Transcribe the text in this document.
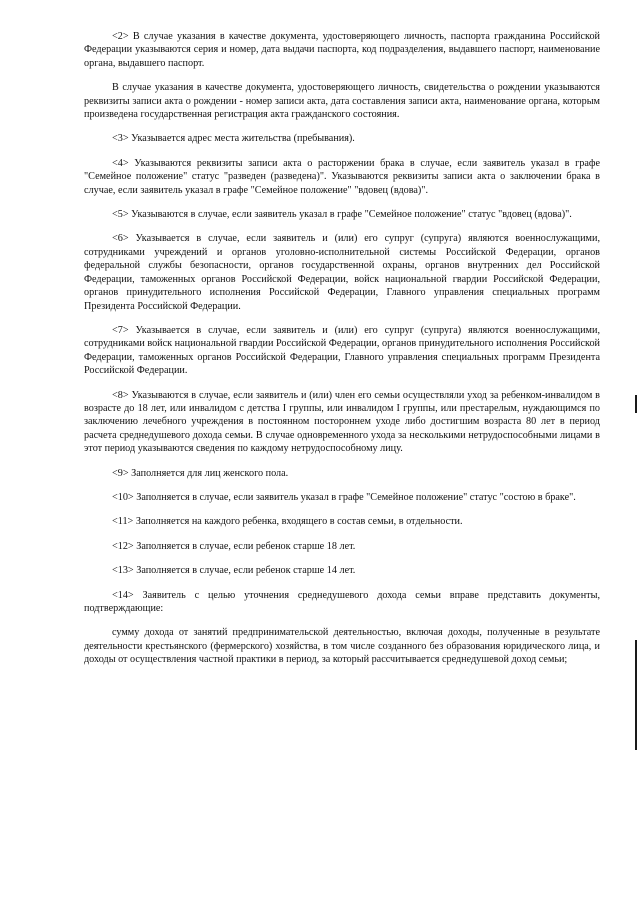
<2> В случае указания в качестве документа, удостоверяющего личность, паспорта гражданина Российской Федерации указываются серия и номер, дата выдачи паспорта, код подразделения, выдавшего паспорт, наименование органа, выдавшего паспорт.

В случае указания в качестве документа, удостоверяющего личность, свидетельства о рождении указываются реквизиты записи акта о рождении - номер записи акта, дата составления записи акта, наименование органа, которым произведена государственная регистрация акта гражданского состояния.

<3> Указывается адрес места жительства (пребывания).

<4> Указываются реквизиты записи акта о расторжении брака в случае, если заявитель указал в графе "Семейное положение" статус "разведен (разведена)". Указываются реквизиты записи акта о заключении брака в случае, если заявитель указал в графе "Семейное положение" "вдовец (вдова)".

<5> Указываются в случае, если заявитель указал в графе "Семейное положение" статус "вдовец (вдова)".

<6> Указывается в случае, если заявитель и (или) его супруг (супруга) являются военнослужащими, сотрудниками учреждений и органов уголовно-исполнительной системы Российской Федерации, органов федеральной службы безопасности, органов государственной охраны, органов внутренних дел Российской Федерации, таможенных органов Российской Федерации, войск национальной гвардии Российской Федерации, органов принудительного исполнения Российской Федерации, Главного управления специальных программ Президента Российской Федерации.

<7> Указывается в случае, если заявитель и (или) его супруг (супруга) являются военнослужащими, сотрудниками войск национальной гвардии Российской Федерации, органов принудительного исполнения Российской Федерации, таможенных органов Российской Федерации, Главного управления специальных программ Президента Российской Федерации.

<8> Указываются в случае, если заявитель и (или) член его семьи осуществляли уход за ребенком-инвалидом в возрасте до 18 лет, или инвалидом с детства I группы, или инвалидом I группы, или престарелым, нуждающимся по заключению лечебного учреждения в постоянном постороннем уходе либо достигшим возраста 80 лет в период расчета среднедушевого дохода семьи. В случае одновременного ухода за несколькими нетрудоспособными лицами в этот период указываются сведения по каждому нетрудоспособному лицу.

<9> Заполняется для лиц женского пола.

<10> Заполняется в случае, если заявитель указал в графе "Семейное положение" статус "состою в браке".

<11> Заполняется на каждого ребенка, входящего в состав семьи, в отдельности.

<12> Заполняется в случае, если ребенок старше 18 лет.

<13> Заполняется в случае, если ребенок старше 14 лет.

<14> Заявитель с целью уточнения среднедушевого дохода семьи вправе представить документы, подтверждающие:

сумму дохода от занятий предпринимательской деятельностью, включая доходы, полученные в результате деятельности крестьянского (фермерского) хозяйства, в том числе созданного без образования юридического лица, и доходы от осуществления частной практики в период, за который рассчитывается среднедушевой доход семьи;
